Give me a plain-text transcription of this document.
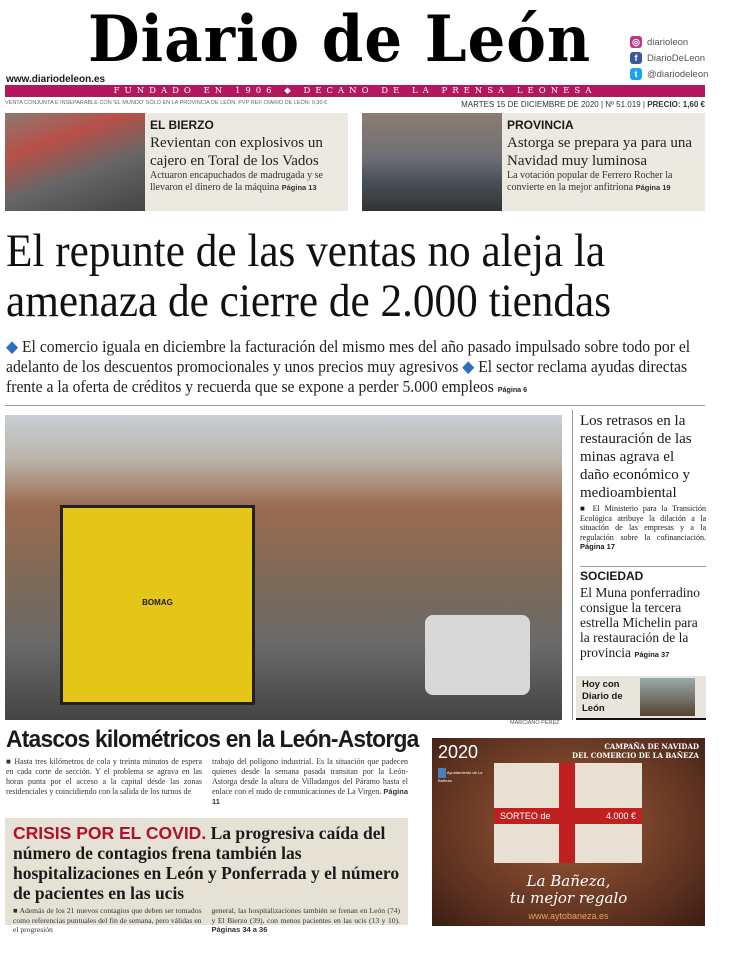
Diario de León	◎ diarioleon
f	DiarioDeLeon
t	@diariodeleon
www.diariodeleon.es
FUNDADO EN 1906 ◆ DECANO DE LA PRENSA LEONESA
VENTA CONJUNTA E INSEPARABLE CON 'EL MUNDO' SÓLO EN LA PROVINCIA DE LEÓN. PVP REF. DIARIO DE LEÓN: 0,30 €	MARTES 15 DE DICIEMBRE DE 2020 | Nº 51.019 | PRECIO: 1,60 €
EL BIERZO
Revientan con explosivos un cajero en Toral de los Vados
Actuaron encapuchados de madrugada y se llevaron el dinero de la máquina Página 13
PROVINCIA
Astorga se prepara ya para una Navidad muy luminosa
La votación popular de Ferrero Rocher la convierte en la mejor anfitriona Página 19
El repunte de las ventas no aleja la amenaza de cierre de 2.000 tiendas
◆ El comercio iguala en diciembre la facturación del mismo mes del año pasado impulsado sobre todo por el adelanto de los descuentos promocionales y unos precios muy agresivos ◆ El sector reclama ayudas directas frente a la oferta de créditos y recuerda que se expone a perder 5.000 empleos Página 6
BOMAG
MARCIANO PÉREZ
Los retrasos en la restauración de las minas agrava el daño económico y medioambiental
■ El Ministerio para la Transición Ecológica atribuye la dilación a la situación de las empresas y a la regulación sobre la cofinanciación. Página 17
SOCIEDAD
El Muna ponferradino consigue la tercera estrella Michelin para la restauración de la provincia Página 37
Hoy con Diario de León
Atascos kilométricos en la León-Astorga

■ Hasta tres kilómetros de cola y treinta minutos de espera en cada corte de sección. Y el problema se agrava en las horas punta por el acceso a la capital desde las zonas residenciales y coincidiendo con la salida de los turnos de

trabajo del polígono industrial. Es la situación que padecen quienes desde la semana pasada transitan por la León-Astorga desde la altura de Villadangos del Páramo hasta el enlace con el nudo de comunicaciones de La Virgen. Página 11

CRISIS POR EL COVID. La progresiva caída del número de contagios frena también las hospitalizaciones en León y Ponferrada y el número de pacientes en las ucis

■ Además de los 21 nuevos contagios que deben ser tomados como referencias puntuales del fin de semana, pero válidas en el progresión

general, las hospitalizaciones también se frenan en León (74) y El Bierzo (39), con menos pacientes en las ucis (13 y 10). Páginas 34 a 36

2020	CAMPAÑA DE NAVIDAD
DEL COMERCIO DE LA BAÑEZA
Ayuntamiento de La Bañeza
SORTEO de	4.000 €
La Bañeza,
tu mejor regalo
www.aytobaneza.es
